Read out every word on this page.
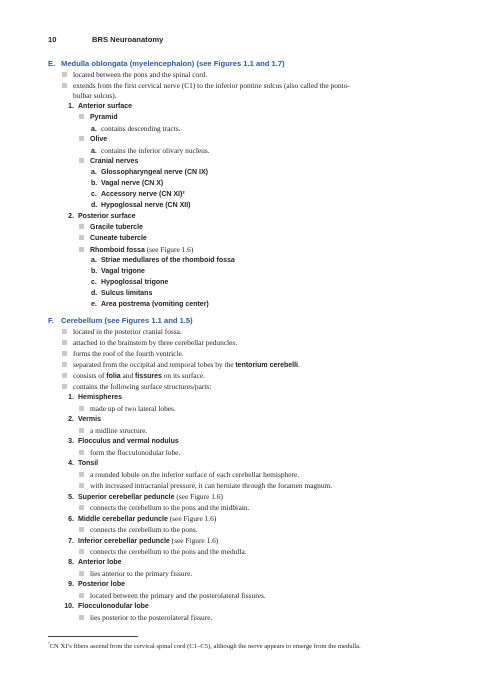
10	BRS Neuroanatomy
E. Medulla oblongata (myelencephalon) (see Figures 1.1 and 1.7)
located between the pons and the spinal cord.
extends from the first cervical nerve (C1) to the inferior pontine sulcus (also called the ponto-
bulbar sulcus).
1. Anterior surface
Pyramid
a. contains descending tracts.
Olive
a. contains the inferior olivary nucleus.
Cranial nerves
a. Glossopharyngeal nerve (CN IX)
b. Vagal nerve (CN X)
c. Accessory nerve (CN XI)²
d. Hypoglossal nerve (CN XII)
2. Posterior surface
Gracile tubercle
Cuneate tubercle
Rhomboid fossa (see Figure 1.6)
a. Striae medullares of the rhomboid fossa
b. Vagal trigone
c. Hypoglossal trigone
d. Sulcus limitans
e. Area postrema (vomiting center)
F. Cerebellum (see Figures 1.1 and 1.5)
located in the posterior cranial fossa.
attached to the brainstem by three cerebellar peduncles.
forms the roof of the fourth ventricle.
separated from the occipital and temporal lobes by the tentorium cerebelli.
consists of folia and fissures on its surface.
contains the following surface structures/parts:
1. Hemispheres
made up of two lateral lobes.
2. Vermis
a midline structure.
3. Flocculus and vermal nodulus
form the flocculonodular lobe.
4. Tonsil
a rounded lobule on the inferior surface of each cerebellar hemisphere.
with increased intracranial pressure, it can herniate through the foramen magnum.
5. Superior cerebellar peduncle (see Figure 1.6)
connects the cerebellum to the pons and the midbrain.
6. Middle cerebellar peduncle (see Figure 1.6)
connects the cerebellum to the pons.
7. Inferior cerebellar peduncle (see Figure 1.6)
connects the cerebellum to the pons and the medulla.
8. Anterior lobe
lies anterior to the primary fissure.
9. Posterior lobe
located between the primary and the posterolateral fissures.
10. Flocculonodular lobe
lies posterior to the posterolateral fissure.
$^{^2}$CN XI’s fibers ascend from the cervical spinal cord (C1–C5), although the nerve appears to emerge from the medulla.
